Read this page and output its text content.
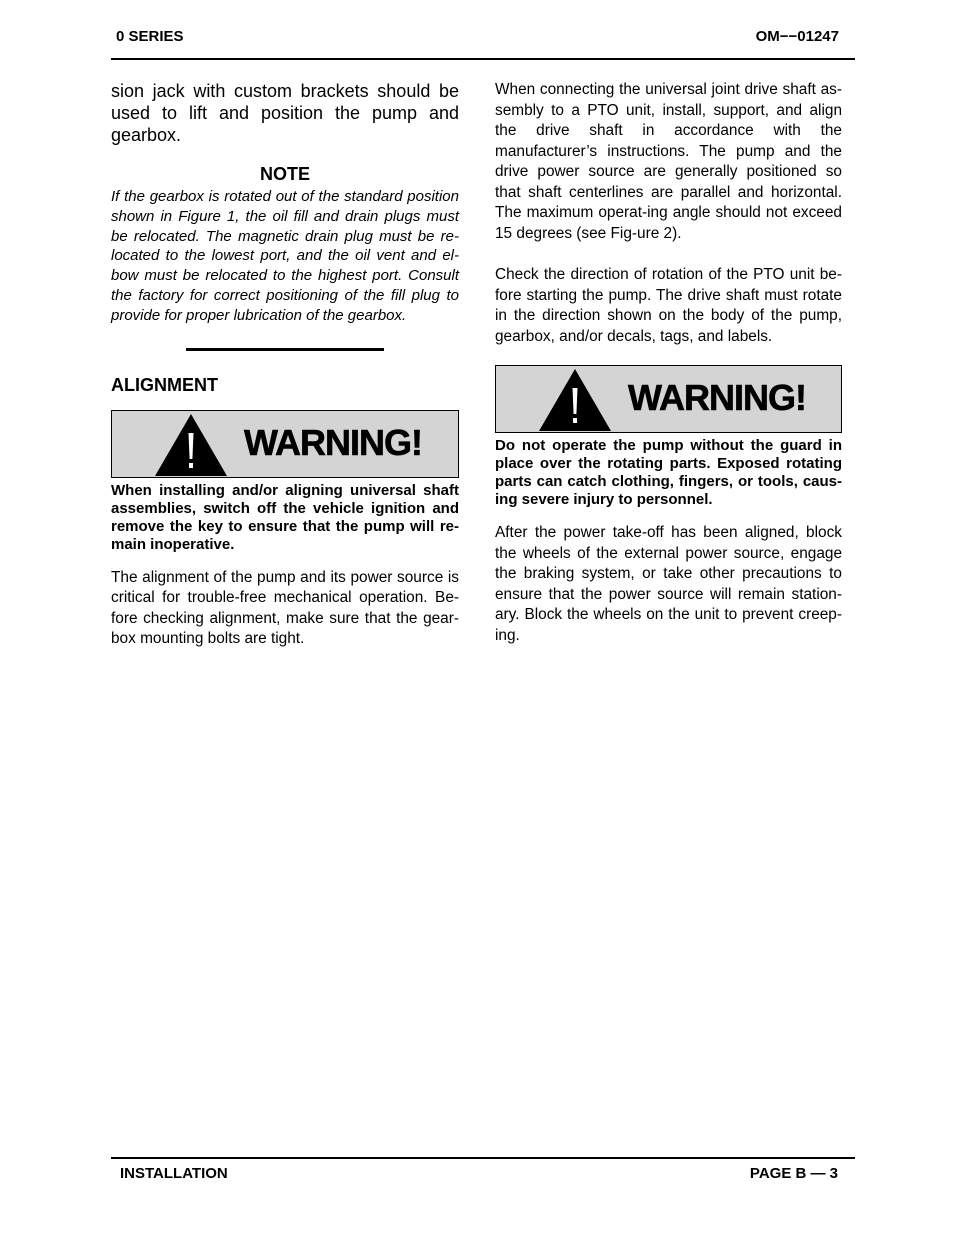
0 SERIES	OM−−01247

sion jack with custom brackets should be used to lift and position the pump and gearbox.

NOTE

If the gearbox is rotated out of the standard position shown in Figure 1, the oil fill and drain plugs must be relocated. The magnetic drain plug must be re-located to the lowest port, and the oil vent and el-bow must be relocated to the highest port. Consult the factory for correct positioning of the fill plug to provide for proper lubrication of the gearbox.

ALIGNMENT
WARNING!

When installing and/or aligning universal shaft assemblies, switch off the vehicle ignition and remove the key to ensure that the pump will re-main inoperative.

The alignment of the pump and its power source is critical for trouble-free mechanical operation. Be-fore checking alignment, make sure that the gear-box mounting bolts are tight.

When connecting the universal joint drive shaft as-sembly to a PTO unit, install, support, and align the drive shaft in accordance with the manufacturer’s instructions. The pump and the drive power source are generally positioned so that shaft centerlines are parallel and horizontal. The maximum operat-ing angle should not exceed 15 degrees (see Fig-ure 2).

Check the direction of rotation of the PTO unit be-fore starting the pump. The drive shaft must rotate in the direction shown on the body of the pump, gearbox, and/or decals, tags, and labels.

WARNING!

Do not operate the pump without the guard in place over the rotating parts. Exposed rotating parts can catch clothing, fingers, or tools, caus-ing severe injury to personnel.

After the power take-off has been aligned, block the wheels of the external power source, engage the braking system, or take other precautions to ensure that the power source will remain station-ary. Block the wheels on the unit to prevent creep-ing.

INSTALLATION	PAGE B — 3
